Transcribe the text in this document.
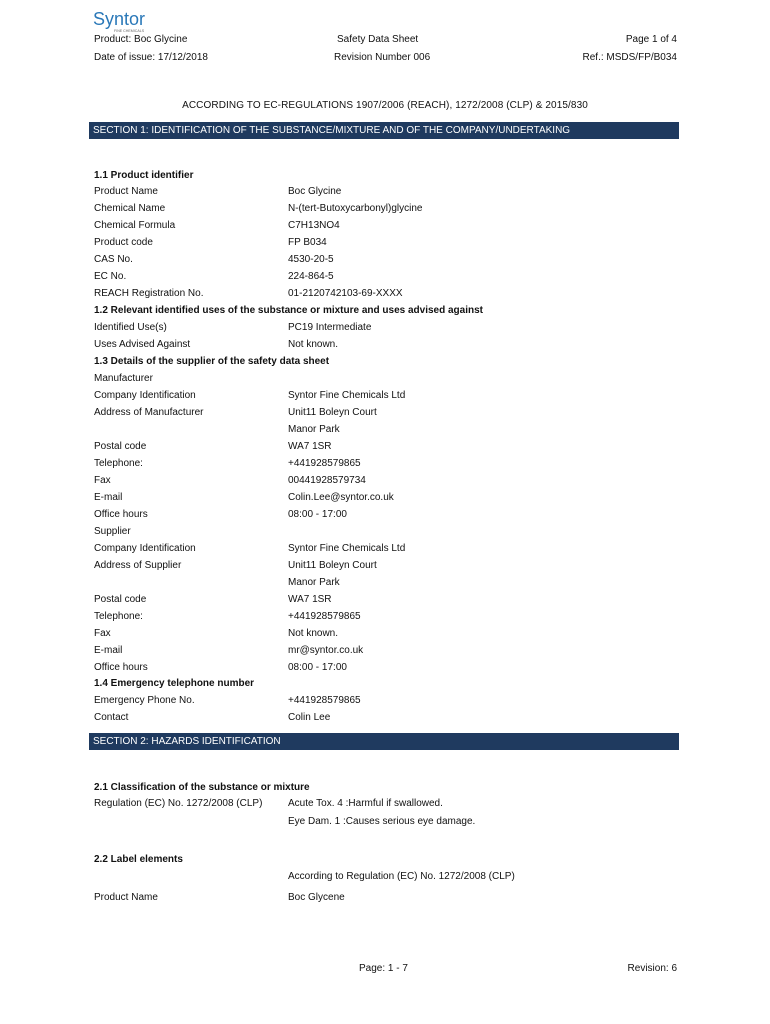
Syntor
FINE CHEMICALS
Product: Boc Glycine	Safety Data Sheet	Page 1 of 4
Date of issue: 17/12/2018	Revision Number 006	Ref.: MSDS/FP/B034
ACCORDING TO EC-REGULATIONS 1907/2006 (REACH), 1272/2008 (CLP) & 2015/830
SECTION 1: IDENTIFICATION OF THE SUBSTANCE/MIXTURE AND OF THE COMPANY/UNDERTAKING
1.1 Product identifier
Product Name	Boc Glycine
Chemical Name	N-(tert-Butoxycarbonyl)glycine
Chemical Formula	C7H13NO4
Product code	FP B034
CAS No.	4530-20-5
EC No.	224-864-5
REACH Registration No.	01-2120742103-69-XXXX
1.2 Relevant identified uses of the substance or mixture and uses advised against
Identified Use(s)	PC19 Intermediate
Uses Advised Against	Not known.
1.3 Details of the supplier of the safety data sheet
Manufacturer
Company Identification	Syntor Fine Chemicals Ltd
Address of Manufacturer	Unit11 Boleyn Court
Manor Park
Postal code	WA7 1SR
Telephone:	+441928579865
Fax	00441928579734
E-mail	Colin.Lee@syntor.co.uk
Office hours	08:00 - 17:00
Supplier
Company Identification	Syntor Fine Chemicals Ltd
Address of Supplier	Unit11 Boleyn Court
Manor Park
Postal code	WA7 1SR
Telephone:	+441928579865
Fax	Not known.
E-mail	mr@syntor.co.uk
Office hours	08:00 - 17:00
1.4 Emergency telephone number
Emergency Phone No.	+441928579865
Contact	Colin Lee
SECTION 2: HAZARDS IDENTIFICATION
2.1 Classification of the substance or mixture
Regulation (EC) No. 1272/2008 (CLP)	Acute Tox. 4 :Harmful if swallowed.
Eye Dam. 1 :Causes serious eye damage.
2.2 Label elements
According to Regulation (EC) No. 1272/2008 (CLP)
Product Name	Boc Glycene
Page: 1 - 7	Revision: 6
